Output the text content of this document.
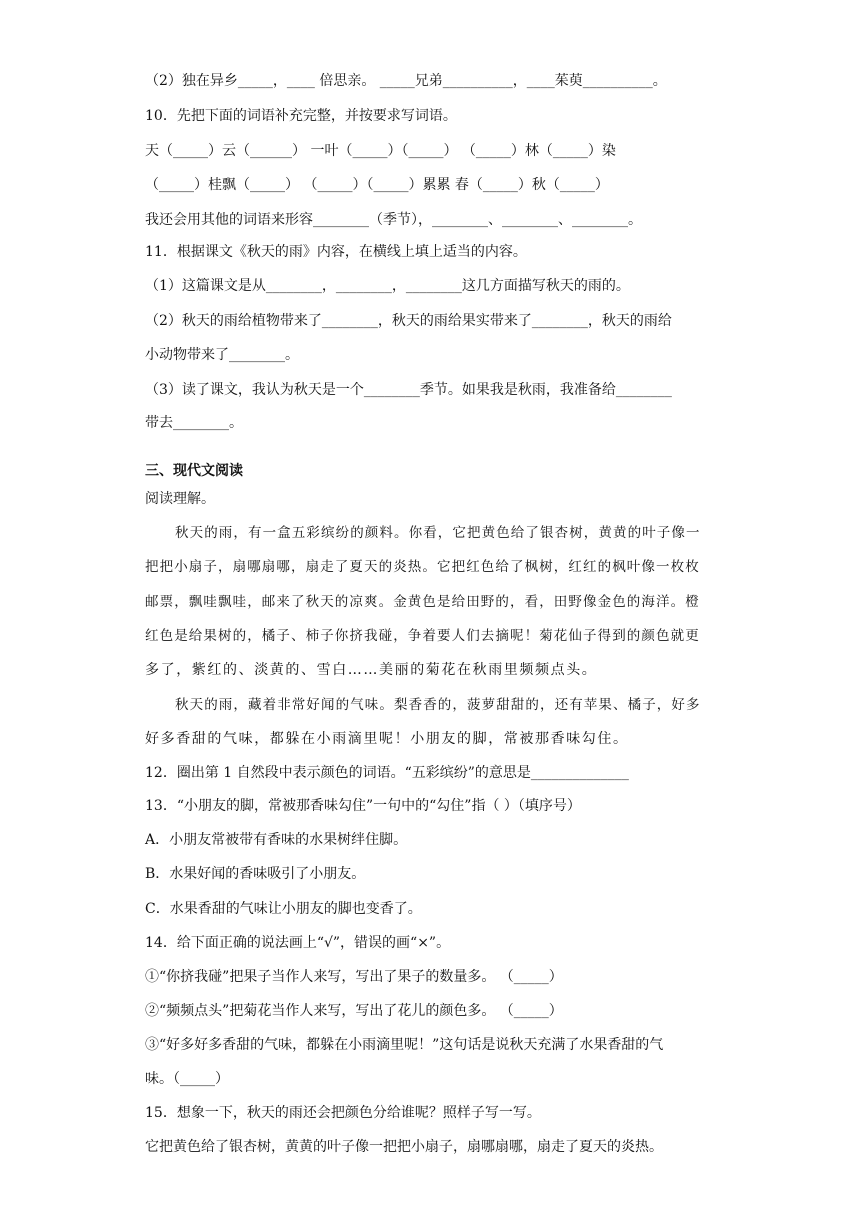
（2）独在异乡_____，____ 倍思亲。 _____兄弟__________，____茱萸__________。
10．先把下面的词语补充完整，并按要求写词语。
天（_____）云（______） 一叶（_____）（_____） （_____）林（_____）染
（_____）桂飘（_____） （_____）（_____）累累 春（_____）秋（_____）
我还会用其他的词语来形容________（季节），________、________、________。
11．根据课文《秋天的雨》内容，在横线上填上适当的内容。
（1）这篇课文是从________，________，________这几方面描写秋天的雨的。
（2）秋天的雨给植物带来了________，秋天的雨给果实带来了________，秋天的雨给
小动物带来了________。
（3）读了课文，我认为秋天是一个________季节。如果我是秋雨，我准备给________
带去________。
三、现代文阅读
阅读理解。
秋天的雨，有一盒五彩缤纷的颜料。你看，它把黄色给了银杏树，黄黄的叶子像一
把把小扇子，扇哪扇哪，扇走了夏天的炎热。它把红色给了枫树，红红的枫叶像一枚枚
邮票，飘哇飘哇，邮来了秋天的凉爽。金黄色是给田野的，看，田野像金色的海洋。橙
红色是给果树的，橘子、柿子你挤我碰，争着要人们去摘呢！菊花仙子得到的颜色就更
多了，紫红的、淡黄的、雪白……美丽的菊花在秋雨里频频点头。
秋天的雨，藏着非常好闻的气味。梨香香的，菠萝甜甜的，还有苹果、橘子，好多
好多香甜的气味，都躲在小雨滴里呢！小朋友的脚，常被那香味勾住。
12．圈出第 1 自然段中表示颜色的词语。“五彩缤纷”的意思是______________
13．“小朋友的脚，常被那香味勾住”一句中的“勾住”指（ ）（填序号）
A．小朋友常被带有香味的水果树绊住脚。
B．水果好闻的香味吸引了小朋友。
C．水果香甜的气味让小朋友的脚也变香了。
14．给下面正确的说法画上“√”，错误的画“×”。
①“你挤我碰”把果子当作人来写，写出了果子的数量多。 （_____）
②“频频点头”把菊花当作人来写，写出了花儿的颜色多。 （_____）
③“好多好多香甜的气味，都躲在小雨滴里呢！”这句话是说秋天充满了水果香甜的气
味。（_____）
15．想象一下，秋天的雨还会把颜色分给谁呢？照样子写一写。
它把黄色给了银杏树，黄黄的叶子像一把把小扇子，扇哪扇哪，扇走了夏天的炎热。
